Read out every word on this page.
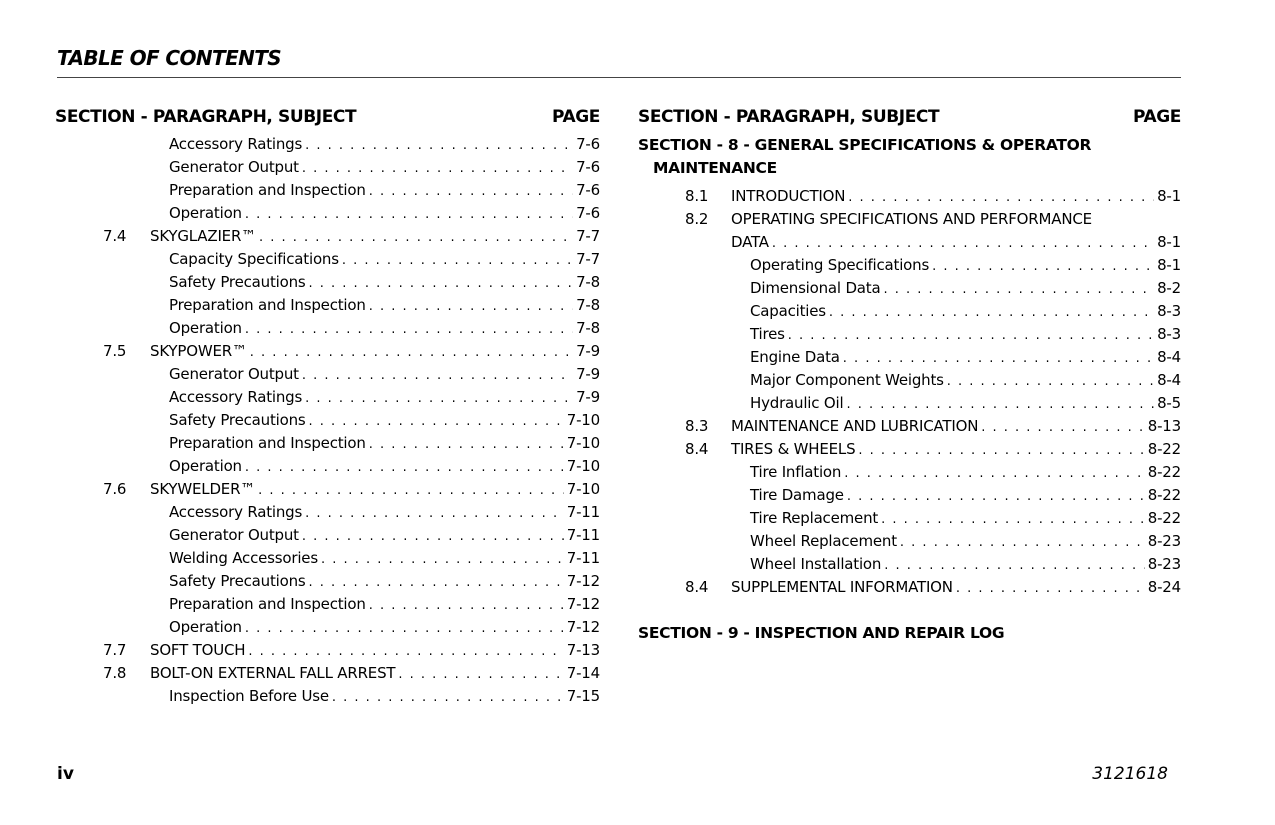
TABLE OF CONTENTS
SECTION - PARAGRAPH, SUBJECT	PAGE
Accessory Ratings . . .	7-6
Generator Output . . .	7-6
Preparation and Inspection . . .	7-6
Operation . . .	7-6
7.4 SKYGLAZIER™ . . .	7-7
Capacity Specifications . . .	7-7
Safety Precautions . . .	7-8
Preparation and Inspection . . .	7-8
Operation . . .	7-8
7.5 SKYPOWER™ . . .	7-9
Generator Output . . .	7-9
Accessory Ratings . . .	7-9
Safety Precautions . . .	7-10
Preparation and Inspection . . .	7-10
Operation . . .	7-10
7.6 SKYWELDER™ . . .	7-10
Accessory Ratings . . .	7-11
Generator Output . . .	7-11
Welding Accessories . . .	7-11
Safety Precautions . . .	7-12
Preparation and Inspection . . .	7-12
Operation . . .	7-12
7.7 SOFT TOUCH . . .	7-13
7.8 BOLT-ON EXTERNAL FALL ARREST . . .	7-14
Inspection Before Use . . .	7-15
SECTION - PARAGRAPH, SUBJECT	PAGE
SECTION - 8 - GENERAL SPECIFICATIONS & OPERATOR
MAINTENANCE
8.1 INTRODUCTION . . .	8-1
8.2 OPERATING SPECIFICATIONS AND PERFORMANCE
DATA . . .	8-1
Operating Specifications . . .	8-1
Dimensional Data . . .	8-2
Capacities . . .	8-3
Tires . . .	8-3
Engine Data . . .	8-4
Major Component Weights . . .	8-4
Hydraulic Oil . . .	8-5
8.3 MAINTENANCE AND LUBRICATION . . .	8-13
8.4 TIRES & WHEELS . . .	8-22
Tire Inflation . . .	8-22
Tire Damage . . .	8-22
Tire Replacement . . .	8-22
Wheel Replacement . . .	8-23
Wheel Installation . . .	8-23
8.4 SUPPLEMENTAL INFORMATION . . .	8-24
SECTION - 9 - INSPECTION AND REPAIR LOG
iv	3121618
